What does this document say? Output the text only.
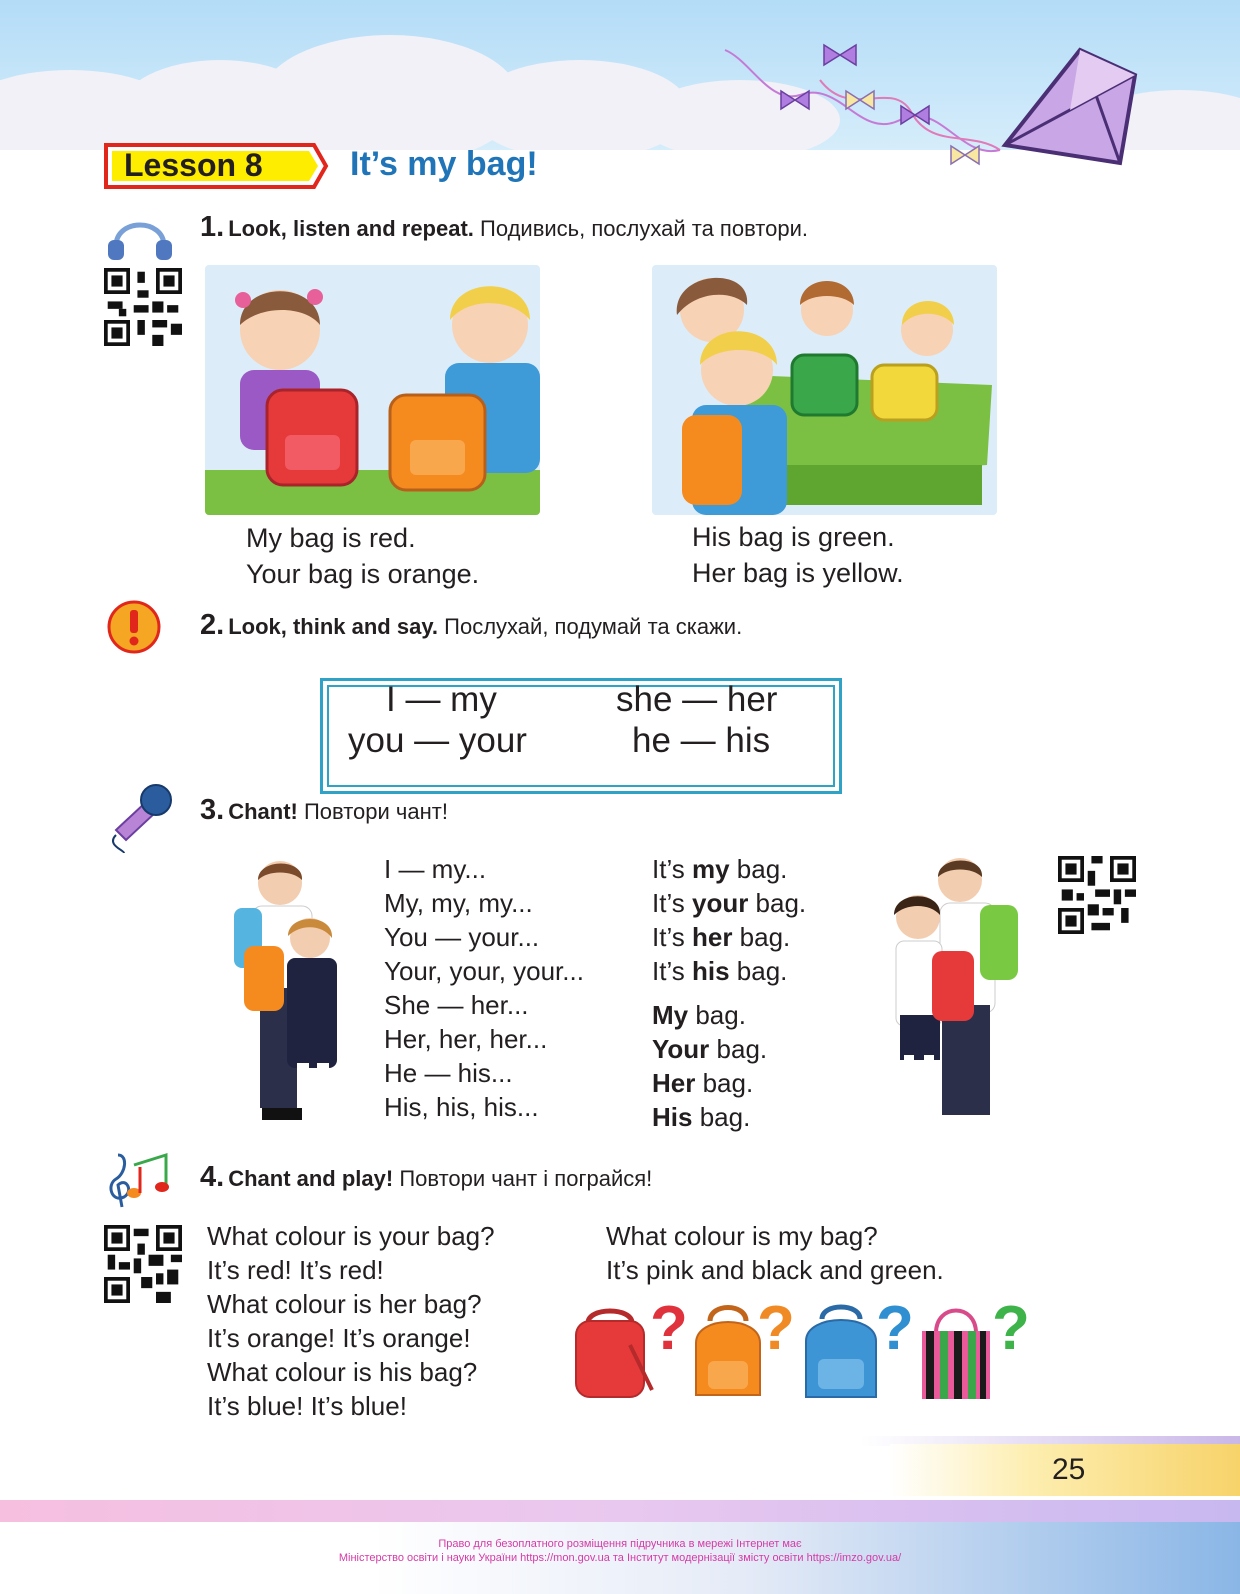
Lesson 8	It’s my bag!
1. Look, listen and repeat. Подивись, послухай та повтори.
My bag is red.
Your bag is orange.
His bag is green.
Her bag is yellow.
2. Look, think and say. Послухай, подумай та скажи.
I — my
you — your
she — her
he — his
3. Chant! Повтори чант!
I — my...
My, my, my...
You — your...
Your, your, your...
She — her...
Her, her, her...
He — his...
His, his, his...
It’s my bag.
It’s your bag.
It’s her bag.
It’s his bag.
My bag.
Your bag.
Her bag.
His bag.
4. Chant and play! Повтори чант і пограйся!
What colour is your bag?
It’s red! It’s red!
What colour is her bag?
It’s orange! It’s orange!
What colour is his bag?
It’s blue! It’s blue!
What colour is my bag?
It’s pink and black and green.
? ? ? ?
25
Право для безоплатного розміщення підручника в мережі Інтернет має
Міністерство освіти і науки України https://mon.gov.ua та Інститут модернізації змісту освіти https://imzo.gov.ua/
